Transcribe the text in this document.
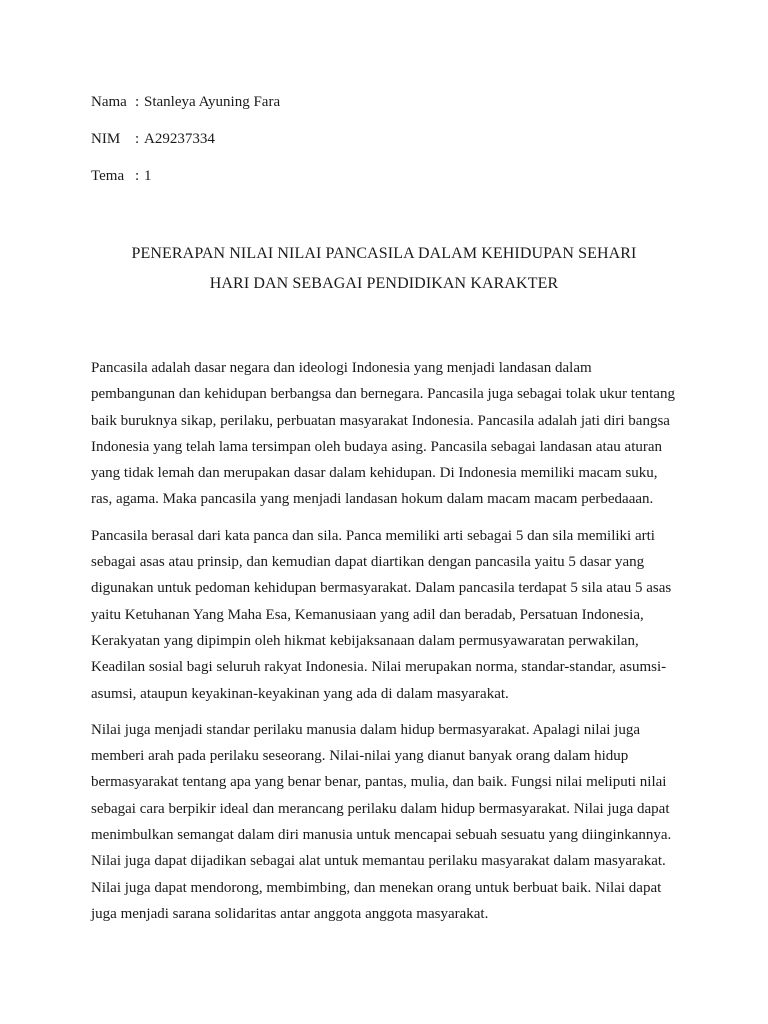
Nama : Stanleya Ayuning Fara
NIM : A29237334
Tema : 1
PENERAPAN NILAI NILAI PANCASILA DALAM KEHIDUPAN SEHARI
HARI DAN SEBAGAI PENDIDIKAN KARAKTER

Pancasila adalah dasar negara dan ideologi Indonesia yang menjadi landasan dalam
pembangunan dan kehidupan berbangsa dan bernegara. Pancasila juga sebagai tolak ukur tentang
baik buruknya sikap, perilaku, perbuatan masyarakat Indonesia. Pancasila adalah jati diri bangsa
Indonesia yang telah lama tersimpan oleh budaya asing. Pancasila sebagai landasan atau aturan
yang tidak lemah dan merupakan dasar dalam kehidupan. Di Indonesia memiliki macam suku,
ras, agama. Maka pancasila yang menjadi landasan hokum dalam macam macam perbedaaan.

Pancasila berasal dari kata panca dan sila. Panca memiliki arti sebagai 5 dan sila memiliki arti
sebagai asas atau prinsip, dan kemudian dapat diartikan dengan pancasila yaitu 5 dasar yang
digunakan untuk pedoman kehidupan bermasyarakat. Dalam pancasila terdapat 5 sila atau 5 asas
yaitu Ketuhanan Yang Maha Esa, Kemanusiaan yang adil dan beradab, Persatuan Indonesia,
Kerakyatan yang dipimpin oleh hikmat kebijaksanaan dalam permusyawaratan perwakilan,
Keadilan sosial bagi seluruh rakyat Indonesia. Nilai merupakan norma, standar-standar, asumsi-
asumsi, ataupun keyakinan-keyakinan yang ada di dalam masyarakat.

Nilai juga menjadi standar perilaku manusia dalam hidup bermasyarakat. Apalagi nilai juga
memberi arah pada perilaku seseorang. Nilai-nilai yang dianut banyak orang dalam hidup
bermasyarakat tentang apa yang benar benar, pantas, mulia, dan baik. Fungsi nilai meliputi nilai
sebagai cara berpikir ideal dan merancang perilaku dalam hidup bermasyarakat. Nilai juga dapat
menimbulkan semangat dalam diri manusia untuk mencapai sebuah sesuatu yang diinginkannya.
Nilai juga dapat dijadikan sebagai alat untuk memantau perilaku masyarakat dalam masyarakat.
Nilai juga dapat mendorong, membimbing, dan menekan orang untuk berbuat baik. Nilai dapat
juga menjadi sarana solidaritas antar anggota anggota masyarakat.
